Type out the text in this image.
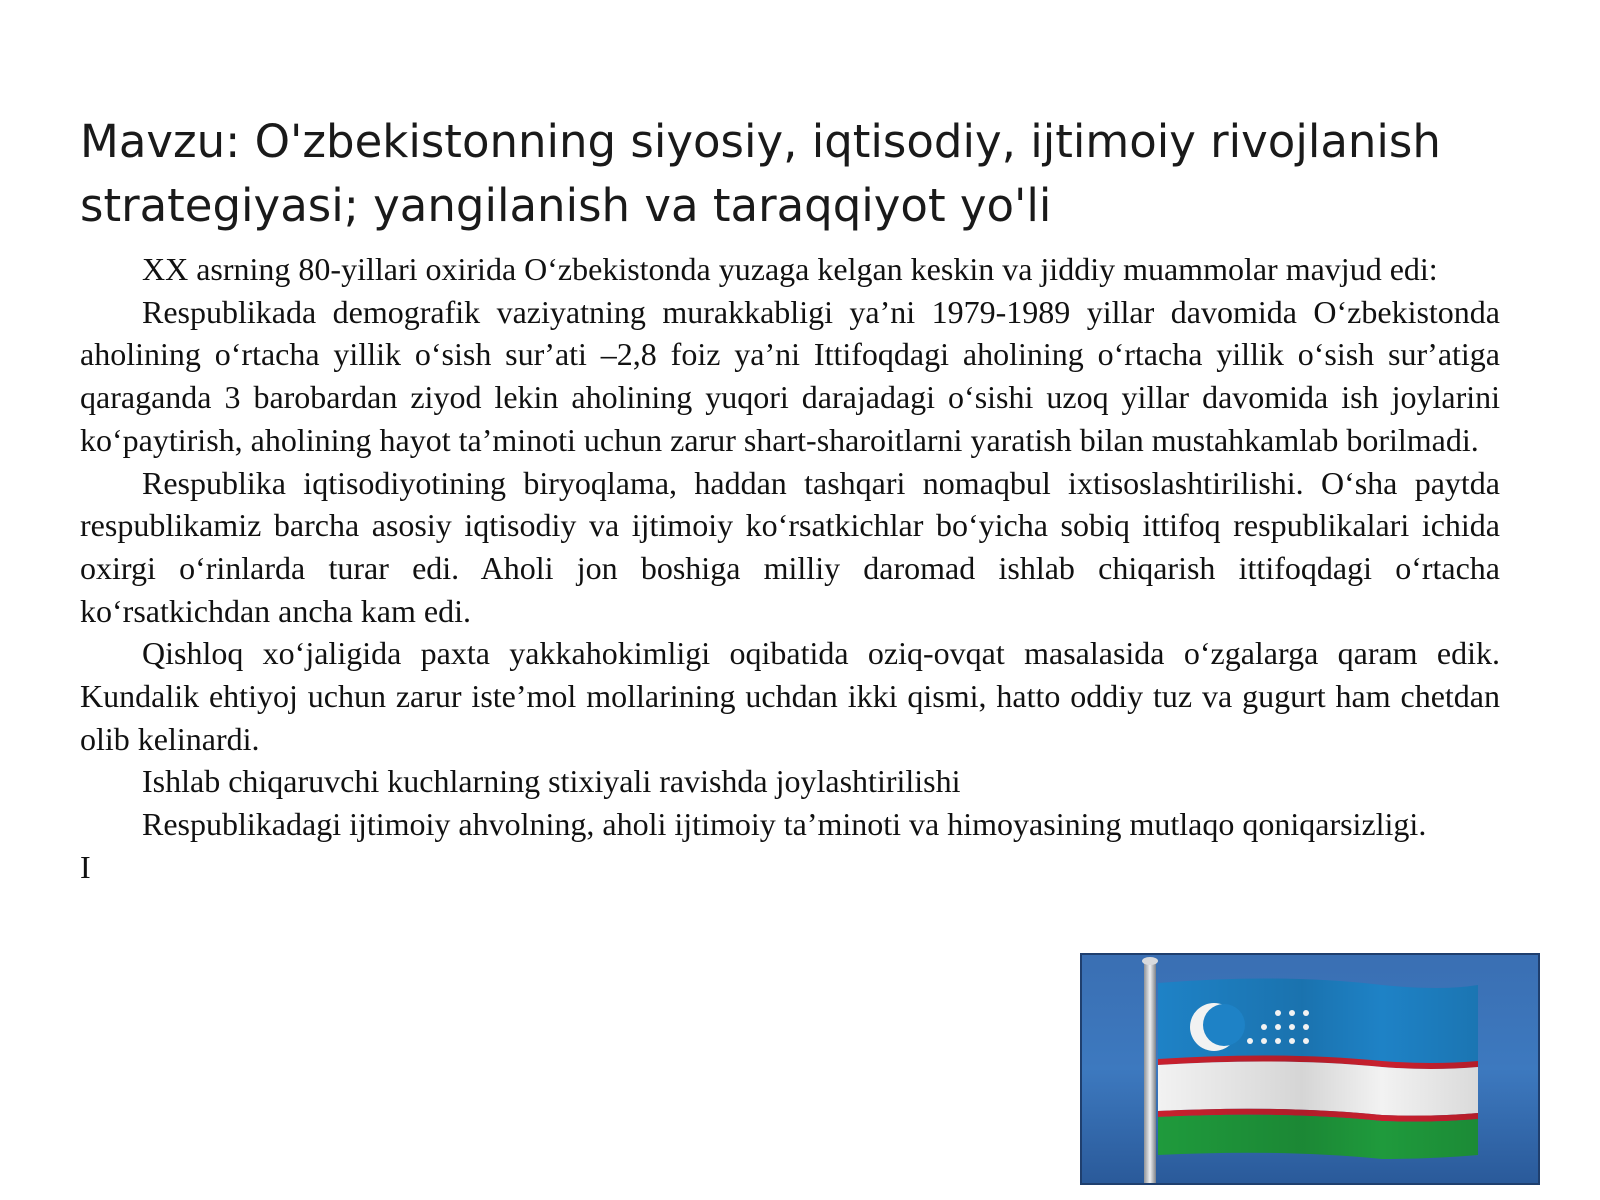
Mavzu: O'zbekistonning siyosiy, iqtisodiy, ijtimoiy rivojlanish strategiyasi; yangilanish va taraqqiyot yo'li

XX asrning 80-yillari oxirida Oʻzbekistonda yuzaga kelgan keskin va jiddiy muammolar mavjud edi:

Respublikada demografik vaziyatning murakkabligi yaʼni 1979-1989 yillar davomida Oʻzbekistonda aholining oʻrtacha yillik oʻsish surʼati –2,8 foiz yaʼni Ittifoqdagi aholining oʻrtacha yillik oʻsish surʼatiga qaraganda 3 barobardan ziyod lekin aholining yuqori darajadagi oʻsishi uzoq yillar davomida ish joylarini koʻpaytirish, aholining hayot taʼminoti uchun zarur shart-sharoitlarni yaratish bilan mustahkamlab borilmadi.

Respublika iqtisodiyotining biryoqlama, haddan tashqari nomaqbul ixtisoslashtirilishi. Oʻsha paytda respublikamiz barcha asosiy iqtisodiy va ijtimoiy koʻrsatkichlar boʻyicha sobiq ittifoq respublikalari ichida oxirgi oʻrinlarda turar edi. Aholi jon boshiga milliy daromad ishlab chiqarish ittifoqdagi oʻrtacha koʻrsatkichdan ancha kam edi.

Qishloq xoʻjaligida paxta yakkahokimligi oqibatida oziq-ovqat masalasida oʻzgalarga qaram edik. Kundalik ehtiyoj uchun zarur isteʼmol mollarining uchdan ikki qismi, hatto oddiy tuz va gugurt ham chetdan olib kelinardi.

Ishlab chiqaruvchi kuchlarning stixiyali ravishda joylashtirilishi

Respublikadagi ijtimoiy ahvolning, aholi ijtimoiy taʼminoti va himoyasining mutlaqo qoniqarsizligi.

I
